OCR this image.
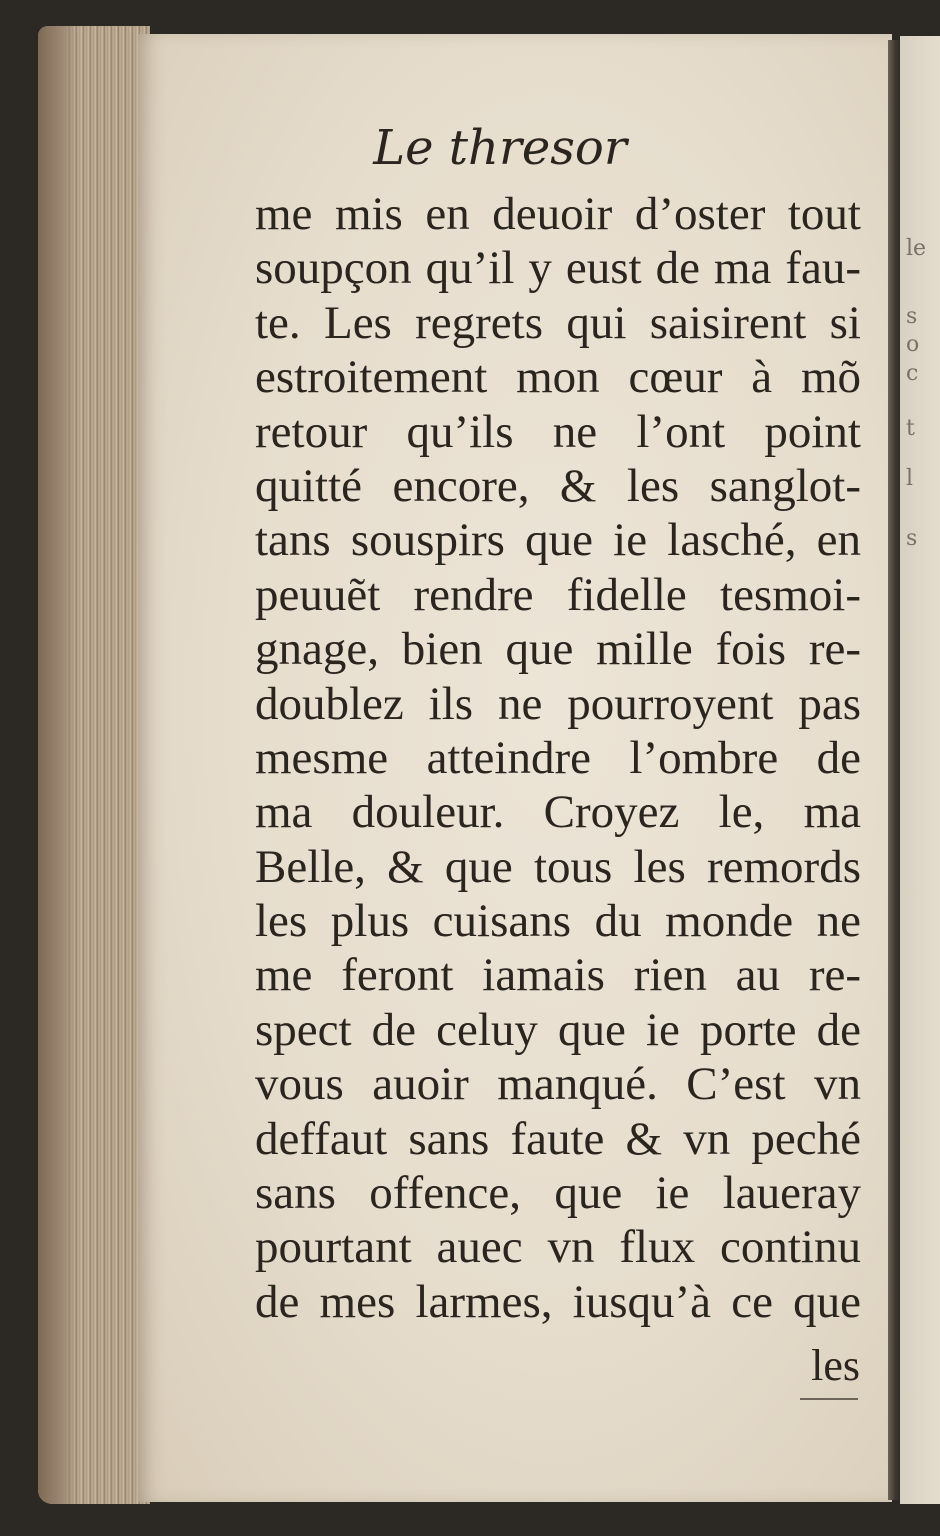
le
s
o
c
t
l
s
Le thresor
me mis en deuoir d’oster tout
soupçon qu’il y eust de ma fau-
te. Les regrets qui saisirent si
estroitement mon cœur à mõ
retour qu’ils ne l’ont point
quitté encore, & les sanglot-
tans souspirs que ie lasché, en
peuuẽt rendre fidelle tesmoi-
gnage, bien que mille fois re-
doublez ils ne pourroyent pas
mesme atteindre l’ombre de
ma douleur. Croyez le, ma
Belle, & que tous les remords
les plus cuisans du monde ne
me feront iamais rien au re-
spect de celuy que ie porte de
vous auoir manqué. C’est vn
deffaut sans faute & vn peché
sans offence, que ie laueray
pourtant auec vn flux continu
de mes larmes, iusqu’à ce que
les
